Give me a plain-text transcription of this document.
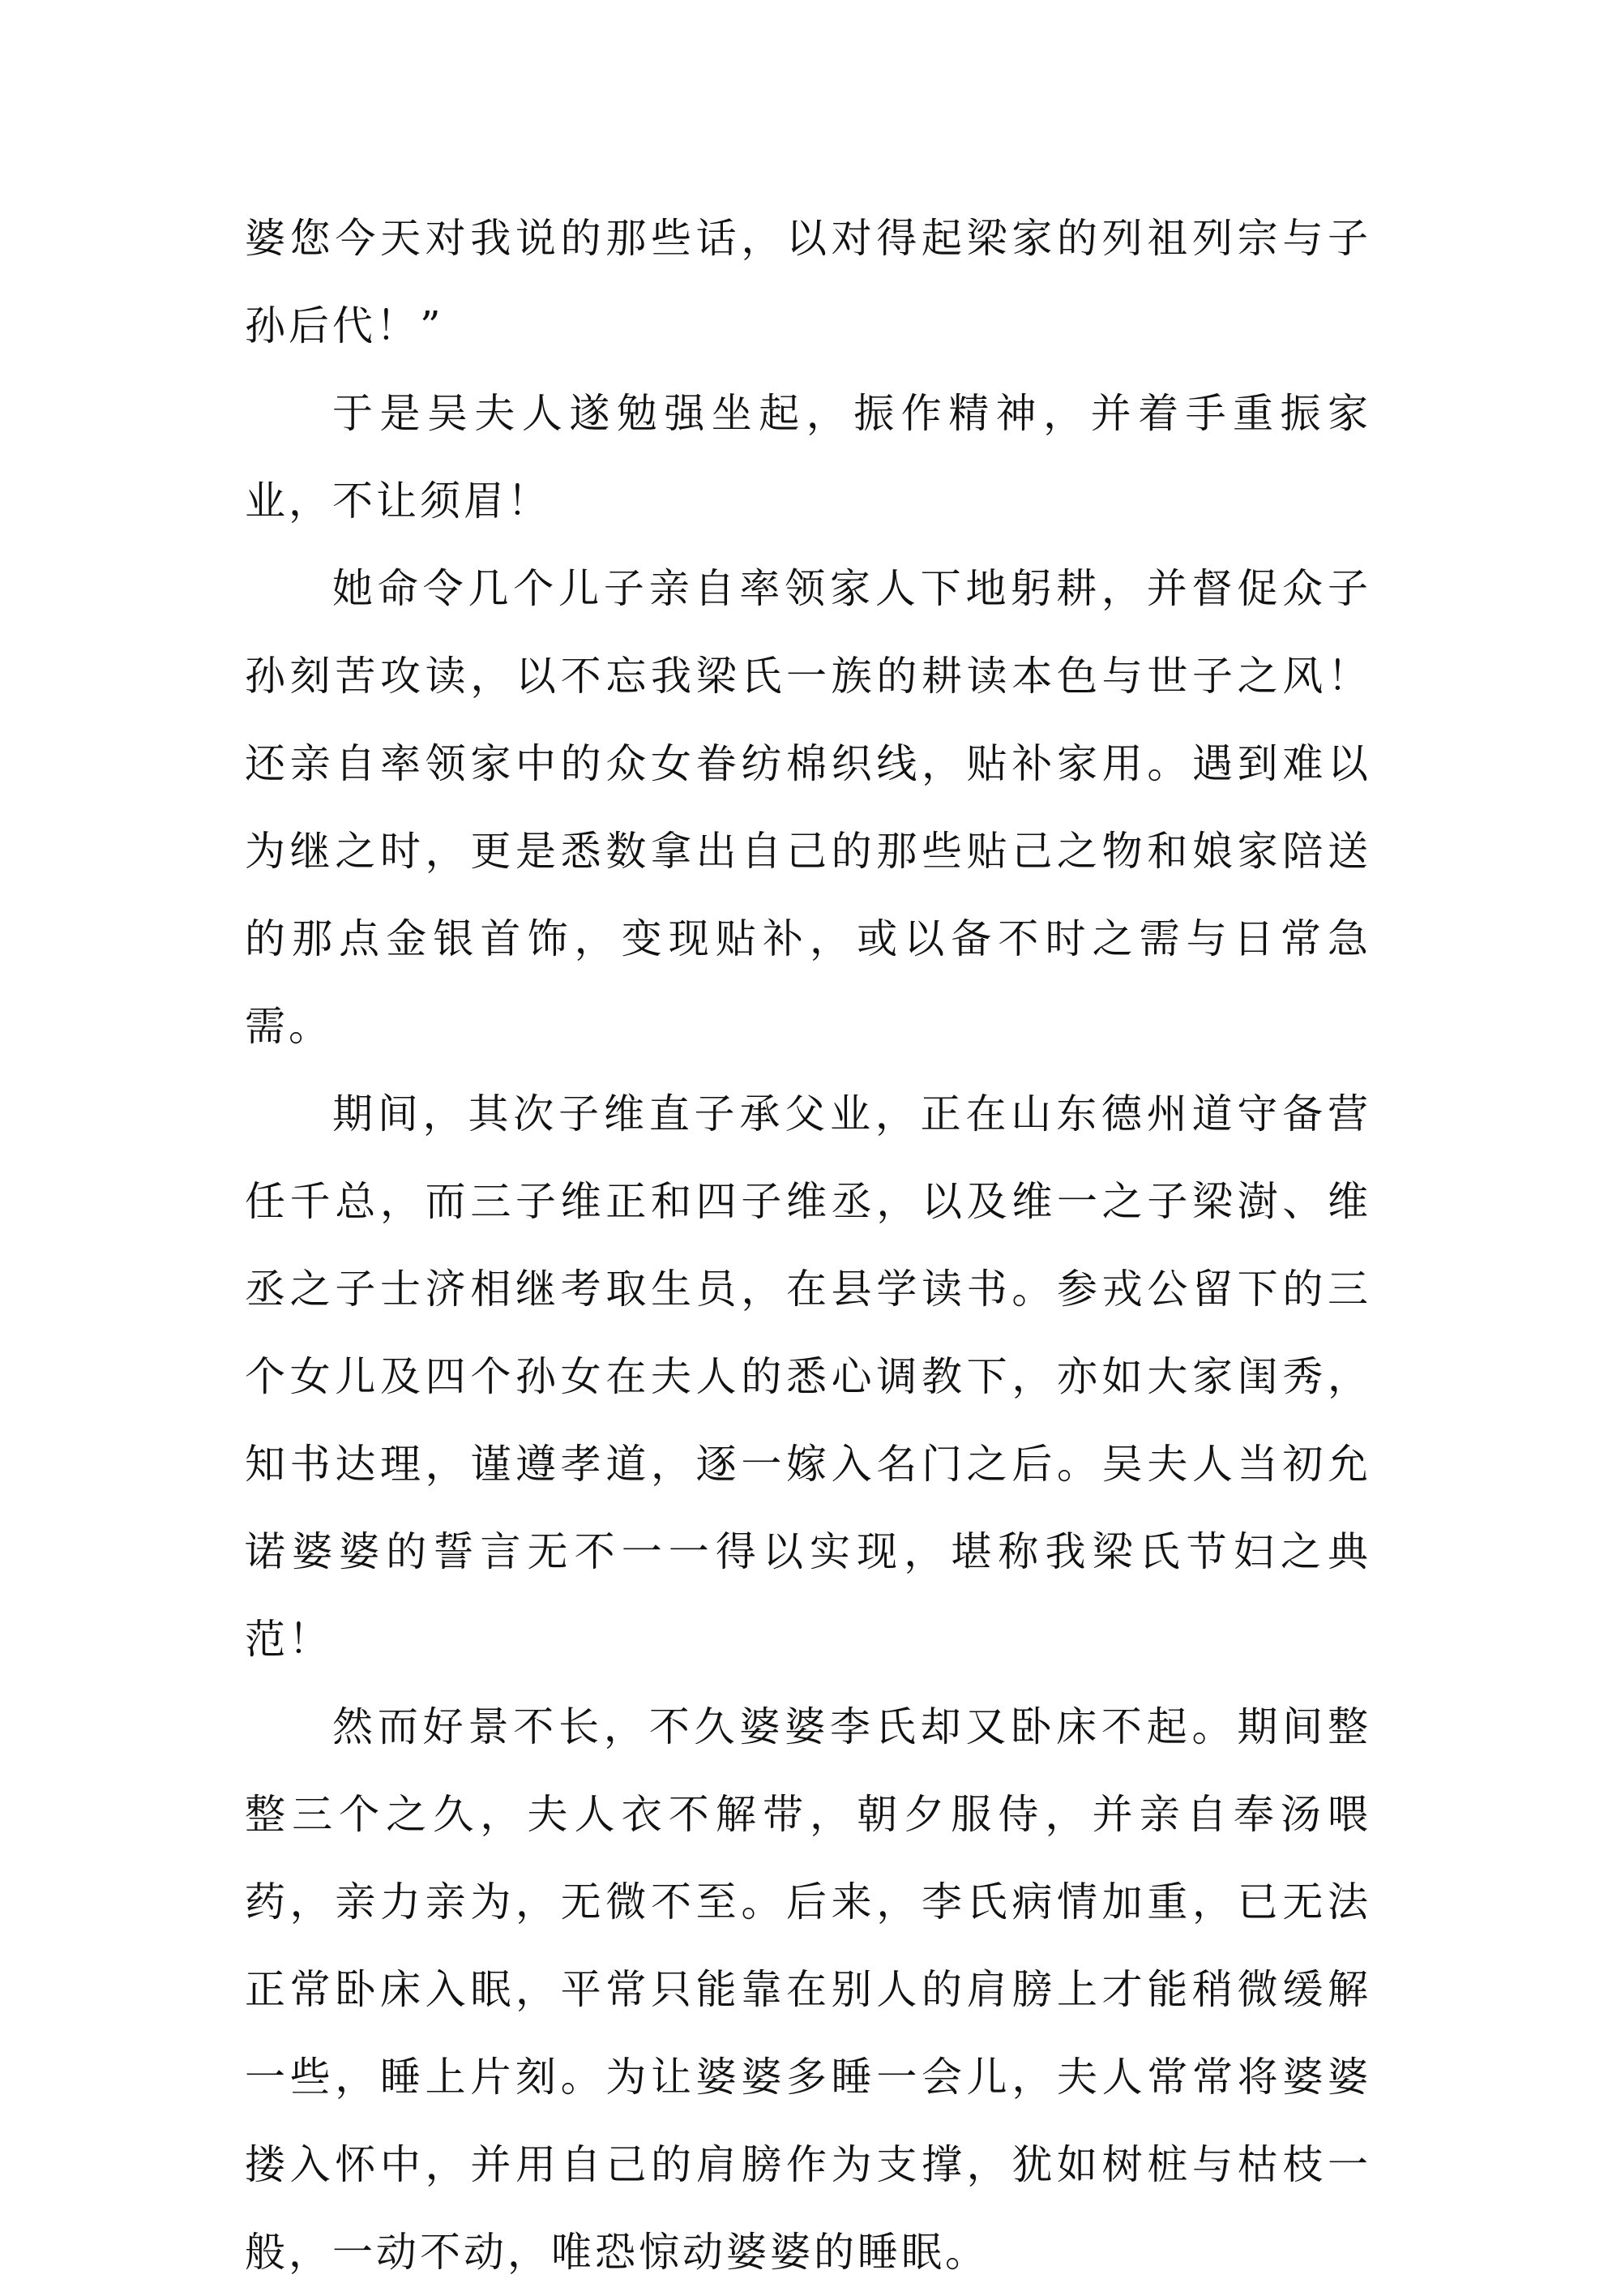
婆您今天对我说的那些话，以对得起梁家的列祖列宗与子孙后代！”

于是吴夫人遂勉强坐起，振作精神，并着手重振家业，不让须眉！

她命令几个儿子亲自率领家人下地躬耕，并督促众子孙刻苦攻读，以不忘我梁氏一族的耕读本色与世子之风！还亲自率领家中的众女眷纺棉织线，贴补家用。遇到难以为继之时，更是悉数拿出自己的那些贴己之物和娘家陪送的那点金银首饰，变现贴补，或以备不时之需与日常急需。

期间，其次子维直子承父业，正在山东德州道守备营任千总，而三子维正和四子维丞，以及维一之子梁澍、维丞之子士济相继考取生员，在县学读书。参戎公留下的三个女儿及四个孙女在夫人的悉心调教下，亦如大家闺秀，知书达理，谨遵孝道，逐一嫁入名门之后。吴夫人当初允诺婆婆的誓言无不一一得以实现，堪称我梁氏节妇之典范！

然而好景不长，不久婆婆李氏却又卧床不起。期间整整三个之久，夫人衣不解带，朝夕服侍，并亲自奉汤喂药，亲力亲为，无微不至。后来，李氏病情加重，已无法正常卧床入眠，平常只能靠在别人的肩膀上才能稍微缓解一些，睡上片刻。为让婆婆多睡一会儿，夫人常常将婆婆搂入怀中，并用自己的肩膀作为支撑，犹如树桩与枯枝一般，一动不动，唯恐惊动婆婆的睡眠。
